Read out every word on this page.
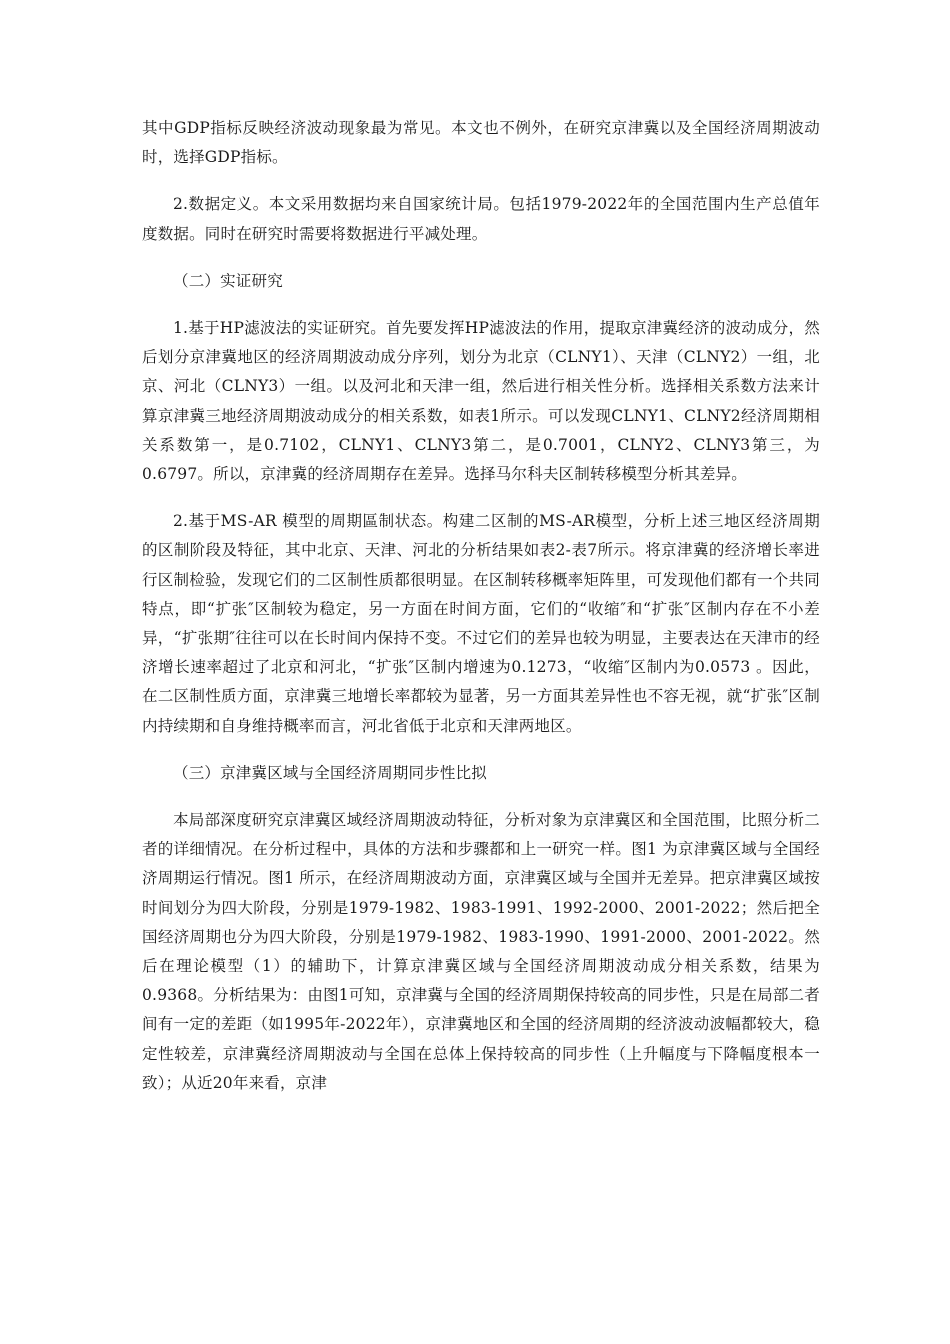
其中GDP指标反映经济波动现象最为常见。本文也不例外，在研究京津冀以及全国经济周期波动时，选择GDP指标。

2.数据定义。本文采用数据均来自国家统计局。包括1979-2022年的全国范围内生产总值年度数据。同时在研究时需要将数据进行平减处理。

（二）实证研究

1.基于HP滤波法的实证研究。首先要发挥HP滤波法的作用，提取京津冀经济的波动成分，然后划分京津冀地区的经济周期波动成分序列，划分为北京（CLNY1）、天津（CLNY2）一组，北京、河北（CLNY3）一组。以及河北和天津一组，然后进行相关性分析。选择相关系数方法来计算京津冀三地经济周期波动成分的相关系数，如表1所示。可以发现CLNY1、CLNY2经济周期相关系数第一，是0.7102，CLNY1、CLNY3第二，是0.7001，CLNY2、CLNY3第三，为0.6797。所以，京津冀的经济周期存在差异。选择马尔科夫区制转移模型分析其差异。

2.基于MS-AR 模型的周期區制状态。构建二区制的MS-AR模型，分析上述三地区经济周期的区制阶段及特征，其中北京、天津、河北的分析结果如表2-表7所示。将京津冀的经济增长率进行区制检验，发现它们的二区制性质都很明显。在区制转移概率矩阵里，可发现他们都有一个共同特点，即“扩张″区制较为稳定，另一方面在时间方面，它们的“收缩″和“扩张″区制内存在不小差异，“扩张期″往往可以在长时间内保持不变。不过它们的差异也较为明显，主要表达在天津市的经济增长速率超过了北京和河北，“扩张″区制内增速为0.1273，“收缩″区制内为0.0573 。因此，在二区制性质方面，京津冀三地增长率都较为显著，另一方面其差异性也不容无视，就“扩张″区制内持续期和自身维持概率而言，河北省低于北京和天津两地区。

（三）京津冀区域与全国经济周期同步性比拟

本局部深度研究京津冀区域经济周期波动特征，分析对象为京津冀区和全国范围，比照分析二者的详细情况。在分析过程中，具体的方法和步骤都和上一研究一样。图1 为京津冀区域与全国经济周期运行情况。图1 所示，在经济周期波动方面，京津冀区域与全国并无差异。把京津冀区域按时间划分为四大阶段，分别是1979-1982、1983-1991、1992-2000、2001-2022；然后把全国经济周期也分为四大阶段，分别是1979-1982、1983-1990、1991-2000、2001-2022。然后在理论模型（1）的辅助下，计算京津冀区域与全国经济周期波动成分相关系数，结果为0.9368。分析结果为：由图1可知，京津冀与全国的经济周期保持较高的同步性，只是在局部二者间有一定的差距（如1995年-2022年），京津冀地区和全国的经济周期的经济波动波幅都较大，稳定性较差，京津冀经济周期波动与全国在总体上保持较高的同步性（上升幅度与下降幅度根本一致）；从近20年来看，京津
